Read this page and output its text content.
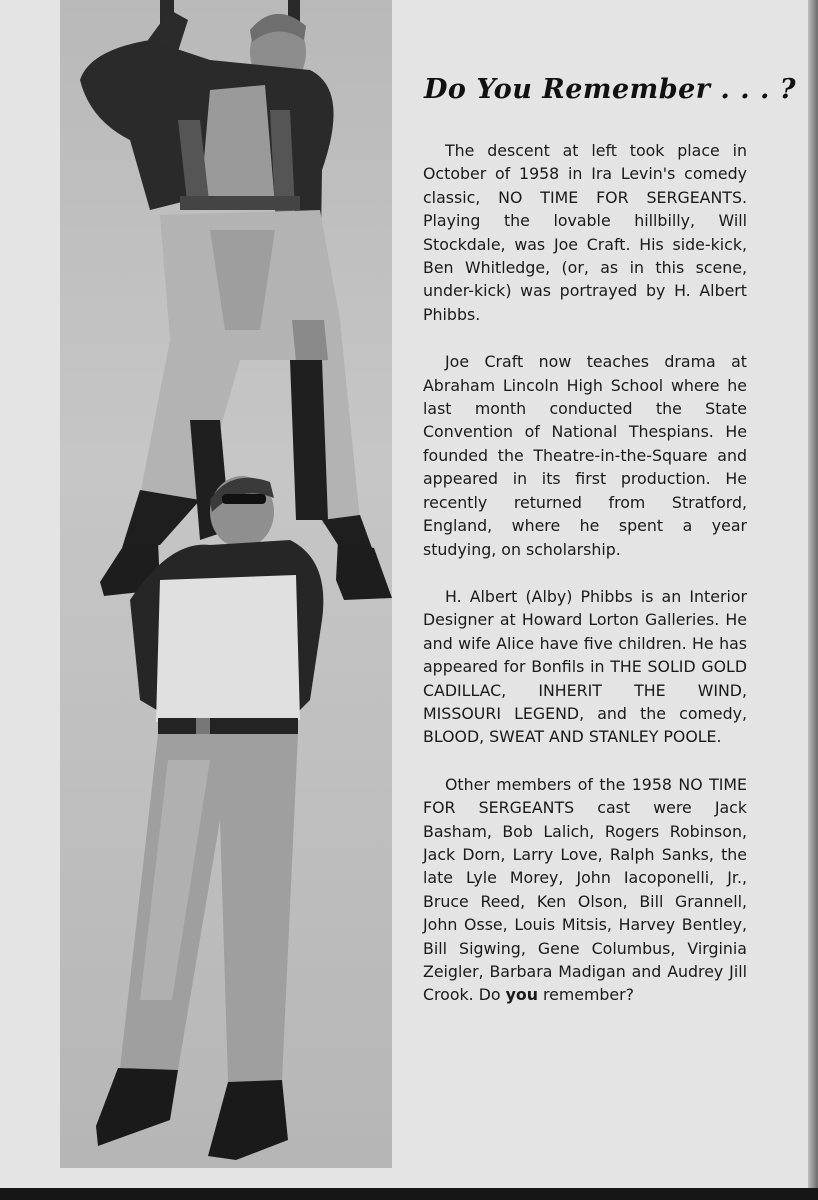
Do You Remember . . . ?

The descent at left took place in October of 1958 in Ira Levin's comedy classic, NO TIME FOR SERGEANTS. Playing the lovable hillbilly, Will Stockdale, was Joe Craft. His side-kick, Ben Whitledge, (or, as in this scene, under-kick) was portrayed by H. Albert Phibbs.

Joe Craft now teaches drama at Abraham Lincoln High School where he last month conducted the State Convention of National Thespians. He founded the Theatre-in-the-Square and appeared in its first production. He recently returned from Stratford, England, where he spent a year studying, on scholarship.

H. Albert (Alby) Phibbs is an Interior Designer at Howard Lorton Galleries. He and wife Alice have five children. He has appeared for Bonfils in THE SOLID GOLD CADILLAC, INHERIT THE WIND, MISSOURI LEGEND, and the comedy, BLOOD, SWEAT AND STANLEY POOLE.

Other members of the 1958 NO TIME FOR SERGEANTS cast were Jack Basham, Bob Lalich, Rogers Robinson, Jack Dorn, Larry Love, Ralph Sanks, the late Lyle Morey, John Iacoponelli, Jr., Bruce Reed, Ken Olson, Bill Grannell, John Osse, Louis Mitsis, Harvey Bentley, Bill Sigwing, Gene Columbus, Virginia Zeigler, Barbara Madigan and Audrey Jill Crook. Do you remember?
